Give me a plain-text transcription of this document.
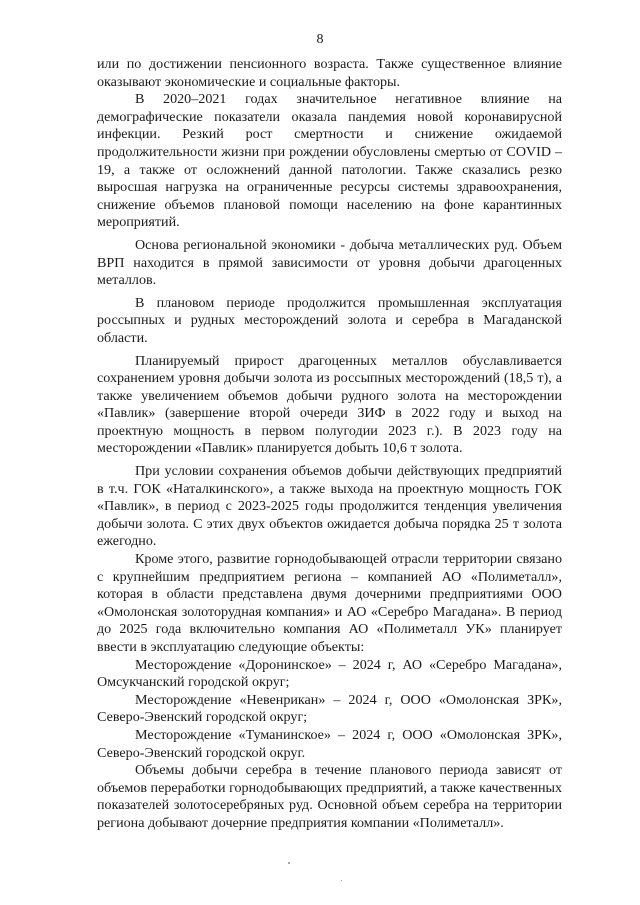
8

или по достижении пенсионного возраста. Также существенное влияние оказывают экономические и социальные факторы.

В 2020–2021 годах значительное негативное влияние на демографические показатели оказала пандемия новой коронавирусной инфекции. Резкий рост смертности и снижение ожидаемой продолжительности жизни при рождении обусловлены смертью от COVID – 19, а также от осложнений данной патологии. Также сказались резко выросшая нагрузка на ограниченные ресурсы системы здравоохранения, снижение объемов плановой помощи населению на фоне карантинных мероприятий.

Основа региональной экономики - добыча металлических руд. Объем ВРП находится в прямой зависимости от уровня добычи драгоценных металлов.

В плановом периоде продолжится промышленная эксплуатация россыпных и рудных месторождений золота и серебра в Магаданской области.

Планируемый прирост драгоценных металлов обуславливается сохранением уровня добычи золота из россыпных месторождений (18,5 т), а также увеличением объемов добычи рудного золота на месторождении «Павлик» (завершение второй очереди ЗИФ в 2022 году и выход на проектную мощность в первом полугодии 2023 г.). В 2023 году на месторождении «Павлик» планируется добыть 10,6 т золота.

При условии сохранения объемов добычи действующих предприятий в т.ч. ГОК «Наталкинского», а также выхода на проектную мощность ГОК «Павлик», в период с 2023-2025 годы продолжится тенденция увеличения добычи золота. С этих двух объектов ожидается добыча порядка 25 т золота ежегодно.

Кроме этого, развитие горнодобывающей отрасли территории связано с крупнейшим предприятием региона – компанией АО «Полиметалл», которая в области представлена двумя дочерними предприятиями ООО «Омолонская золоторудная компания» и АО «Серебро Магадана». В период до 2025 года включительно компания АО «Полиметалл УК» планирует ввести в эксплуатацию следующие объекты:

Месторождение «Доронинское» – 2024 г, АО «Серебро Магадана», Омсукчанский городской округ;

Месторождение «Невенрикан» – 2024 г, ООО «Омолонская ЗРК», Северо-Эвенский городской округ;

Месторождение «Туманинское» – 2024 г, ООО «Омолонская ЗРК», Северо-Эвенский городской округ.

Объемы добычи серебра в течение планового периода зависят от объемов переработки горнодобывающих предприятий, а также качественных показателей золотосеребряных руд. Основной объем серебра на территории региона добывают дочерние предприятия компании «Полиметалл».
